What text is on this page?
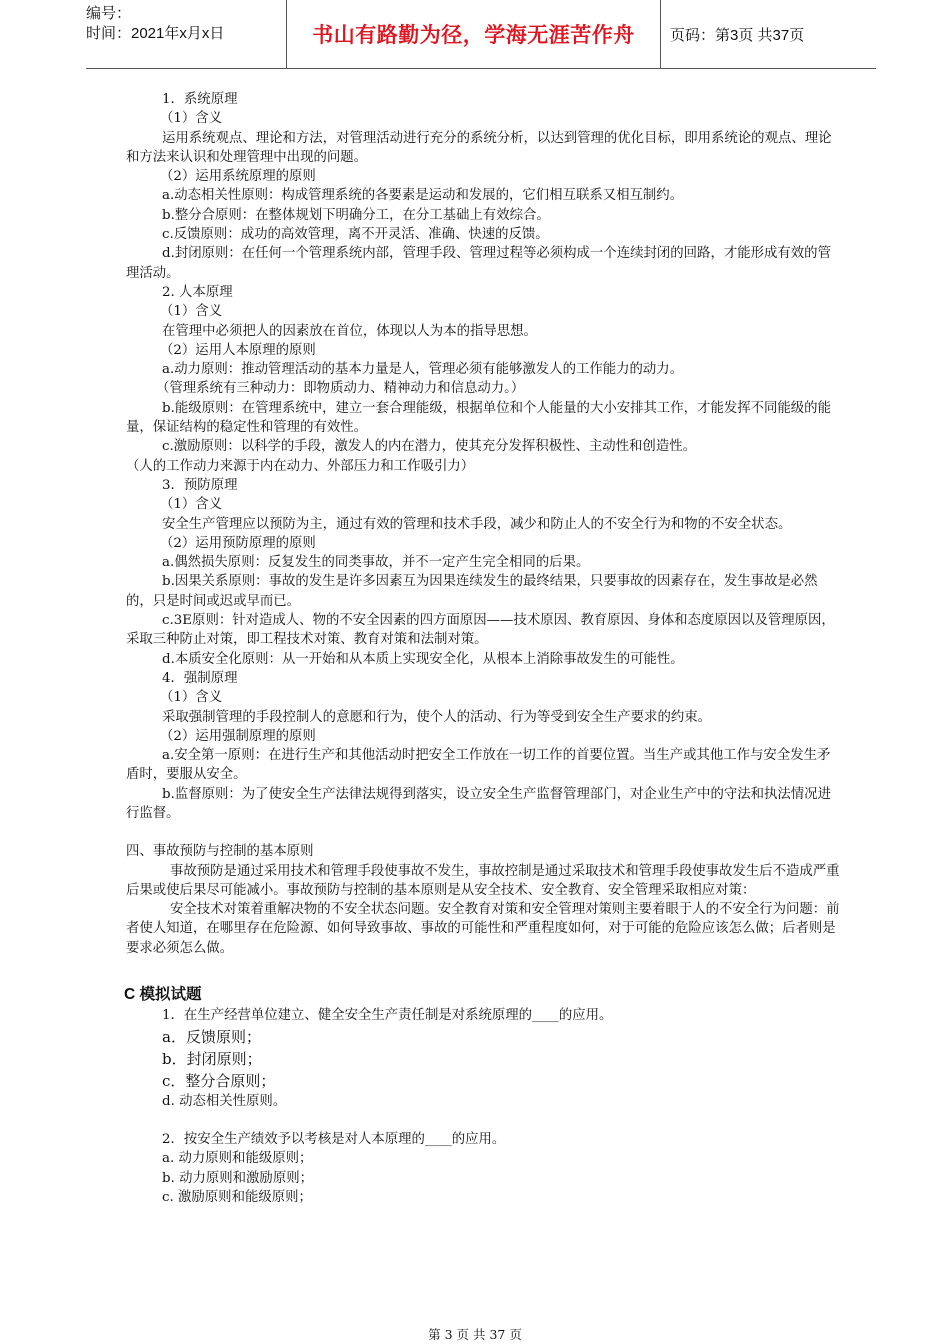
编号：
时间：2021年x月x日	书山有路勤为径，学海无涯苦作舟	页码：第3页 共37页

1．系统原理

（1）含义

运用系统观点、理论和方法，对管理活动进行充分的系统分析，以达到管理的优化目标，即用系统论的观点、理论和方法来认识和处理管理中出现的问题。

（2）运用系统原理的原则

a.动态相关性原则：构成管理系统的各要素是运动和发展的，它们相互联系又相互制约。

b.整分合原则：在整体规划下明确分工，在分工基础上有效综合。

c.反馈原则：成功的高效管理，离不开灵活、准确、快速的反馈。

d.封闭原则：在任何一个管理系统内部，管理手段、管理过程等必须构成一个连续封闭的回路，才能形成有效的管理活动。

2. 人本原理

（1）含义

在管理中必须把人的因素放在首位，体现以人为本的指导思想。

（2）运用人本原理的原则

a.动力原则：推动管理活动的基本力量是人，管理必须有能够激发人的工作能力的动力。

（管理系统有三种动力：即物质动力、精神动力和信息动力。）

b.能级原则：在管理系统中，建立一套合理能级，根据单位和个人能量的大小安排其工作，才能发挥不同能级的能量，保证结构的稳定性和管理的有效性。

c.激励原则：以科学的手段，激发人的内在潜力，使其充分发挥积极性、主动性和创造性。

（人的工作动力来源于内在动力、外部压力和工作吸引力）

3．预防原理

（1）含义

安全生产管理应以预防为主，通过有效的管理和技术手段，减少和防止人的不安全行为和物的不安全状态。

（2）运用预防原理的原则

a.偶然损失原则：反复发生的同类事故，并不一定产生完全相同的后果。

b.因果关系原则：事故的发生是许多因素互为因果连续发生的最终结果，只要事故的因素存在，发生事故是必然的，只是时间或迟或早而已。

c.3E原则：针对造成人、物的不安全因素的四方面原因——技术原因、教育原因、身体和态度原因以及管理原因，采取三种防止对策，即工程技术对策、教育对策和法制对策。

d.本质安全化原则：从一开始和从本质上实现安全化，从根本上消除事故发生的可能性。

4．强制原理

（1）含义

采取强制管理的手段控制人的意愿和行为，使个人的活动、行为等受到安全生产要求的约束。

（2）运用强制原理的原则

a.安全第一原则：在进行生产和其他活动时把安全工作放在一切工作的首要位置。当生产或其他工作与安全发生矛盾时，要服从安全。

b.监督原则：为了使安全生产法律法规得到落实，设立安全生产监督管理部门，对企业生产中的守法和执法情况进行监督。

四、事故预防与控制的基本原则

事故预防是通过采用技术和管理手段使事故不发生，事故控制是通过采取技术和管理手段使事故发生后不造成严重后果或使后果尽可能减小。事故预防与控制的基本原则是从安全技术、安全教育、安全管理采取相应对策：

安全技术对策着重解决物的不安全状态问题。安全教育对策和安全管理对策则主要着眼于人的不安全行为问题：前者使人知道，在哪里存在危险源、如何导致事故、事故的可能性和严重程度如何，对于可能的危险应该怎么做；后者则是要求必须怎么做。

C 模拟试题

1．在生产经营单位建立、健全安全生产责任制是对系统原理的____的应用。

a．反馈原则；

b．封闭原则；

c．整分合原则；

d. 动态相关性原则。

2．按安全生产绩效予以考核是对人本原理的____的应用。

a. 动力原则和能级原则；

b. 动力原则和激励原则；

c. 激励原则和能级原则；

第 3 页 共 37 页
